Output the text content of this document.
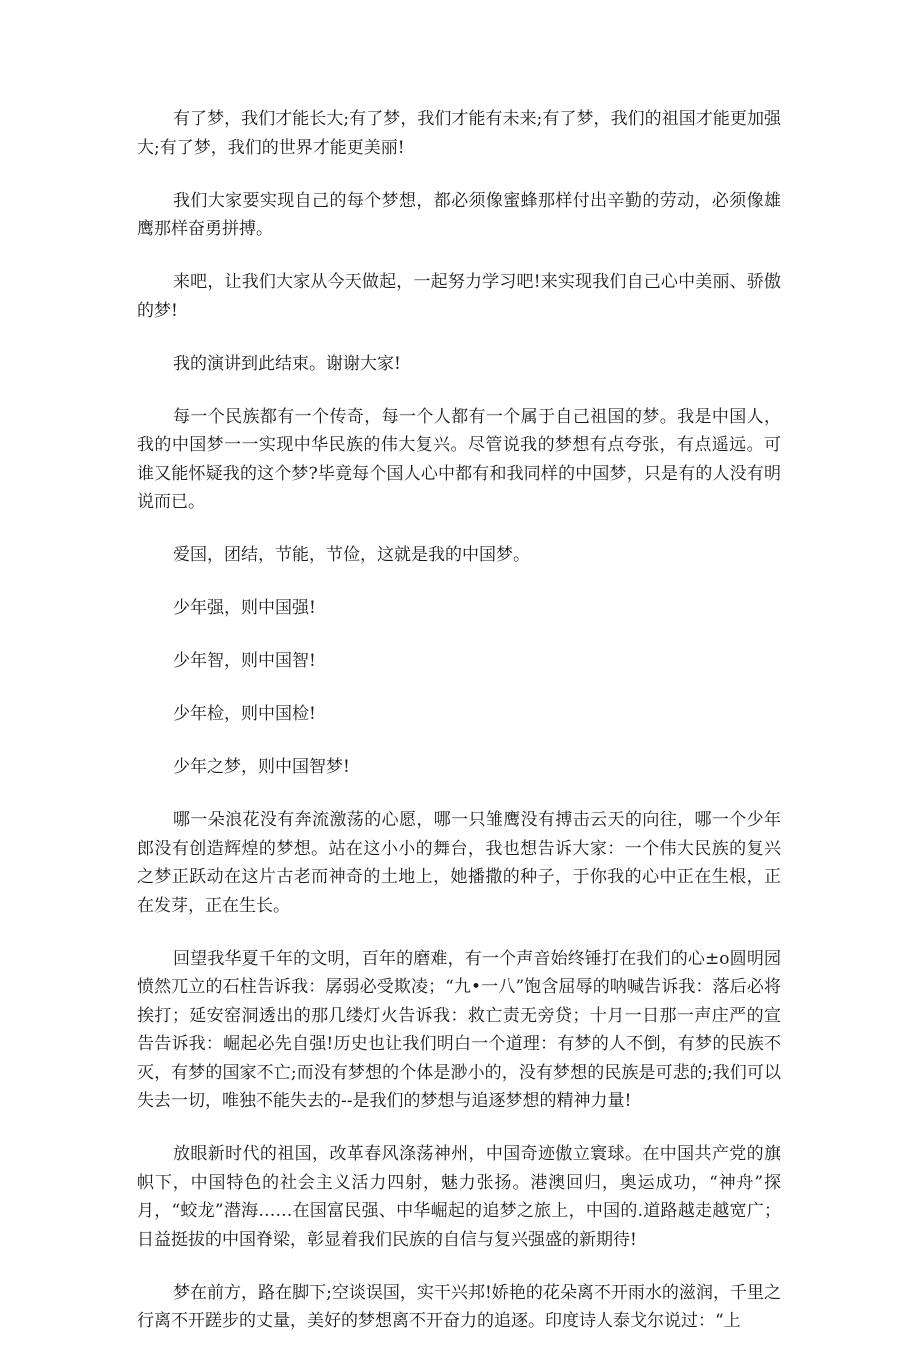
有了梦，我们才能长大;有了梦，我们才能有未来;有了梦，我们的祖国才能更加强大;有了梦，我们的世界才能更美丽!

我们大家要实现自己的每个梦想，都必须像蜜蜂那样付出辛勤的劳动，必须像雄鹰那样奋勇拼搏。

来吧，让我们大家从今天做起，一起努力学习吧!来实现我们自己心中美丽、骄傲的梦!

我的演讲到此结束。谢谢大家!

每一个民族都有一个传奇，每一个人都有一个属于自己祖国的梦。我是中国人，我的中国梦一一实现中华民族的伟大复兴。尽管说我的梦想有点夸张，有点遥远。可谁又能怀疑我的这个梦?毕竟每个国人心中都有和我同样的中国梦，只是有的人没有明说而已。

爱国，团结，节能，节俭，这就是我的中国梦。

少年强，则中国强!

少年智，则中国智!

少年检，则中国检!

少年之梦，则中国智梦!

哪一朵浪花没有奔流激荡的心愿，哪一只雏鹰没有搏击云天的向往，哪一个少年郎没有创造辉煌的梦想。站在这小小的舞台，我也想告诉大家：一个伟大民族的复兴之梦正跃动在这片古老而神奇的土地上，她播撒的种子，于你我的心中正在生根，正在发芽，正在生长。

回望我华夏千年的文明，百年的磨难，有一个声音始终锤打在我们的心±o圆明园愤然兀立的石柱告诉我：孱弱必受欺凌；“九•一八”饱含屈辱的呐喊告诉我：落后必将挨打；延安窑洞透出的那几缕灯火告诉我：救亡责无旁贷；十月一日那一声庄严的宣告告诉我：崛起必先自强!历史也让我们明白一个道理：有梦的人不倒，有梦的民族不灭，有梦的国家不亡;而没有梦想的个体是渺小的，没有梦想的民族是可悲的;我们可以失去一切，唯独不能失去的--是我们的梦想与追逐梦想的精神力量!

放眼新时代的祖国，改革春风涤荡神州，中国奇迹傲立寰球。在中国共产党的旗帜下，中国特色的社会主义活力四射，魅力张扬。港澳回归，奥运成功，“神舟”探月，“蛟龙”潜海……在国富民强、中华崛起的追梦之旅上，中国的.道路越走越宽广；日益挺拔的中国脊梁，彰显着我们民族的自信与复兴强盛的新期待!

梦在前方，路在脚下;空谈误国，实干兴邦!娇艳的花朵离不开雨水的滋润，千里之行离不开蹉步的丈量，美好的梦想离不开奋力的追逐。印度诗人泰戈尔说过：“上
